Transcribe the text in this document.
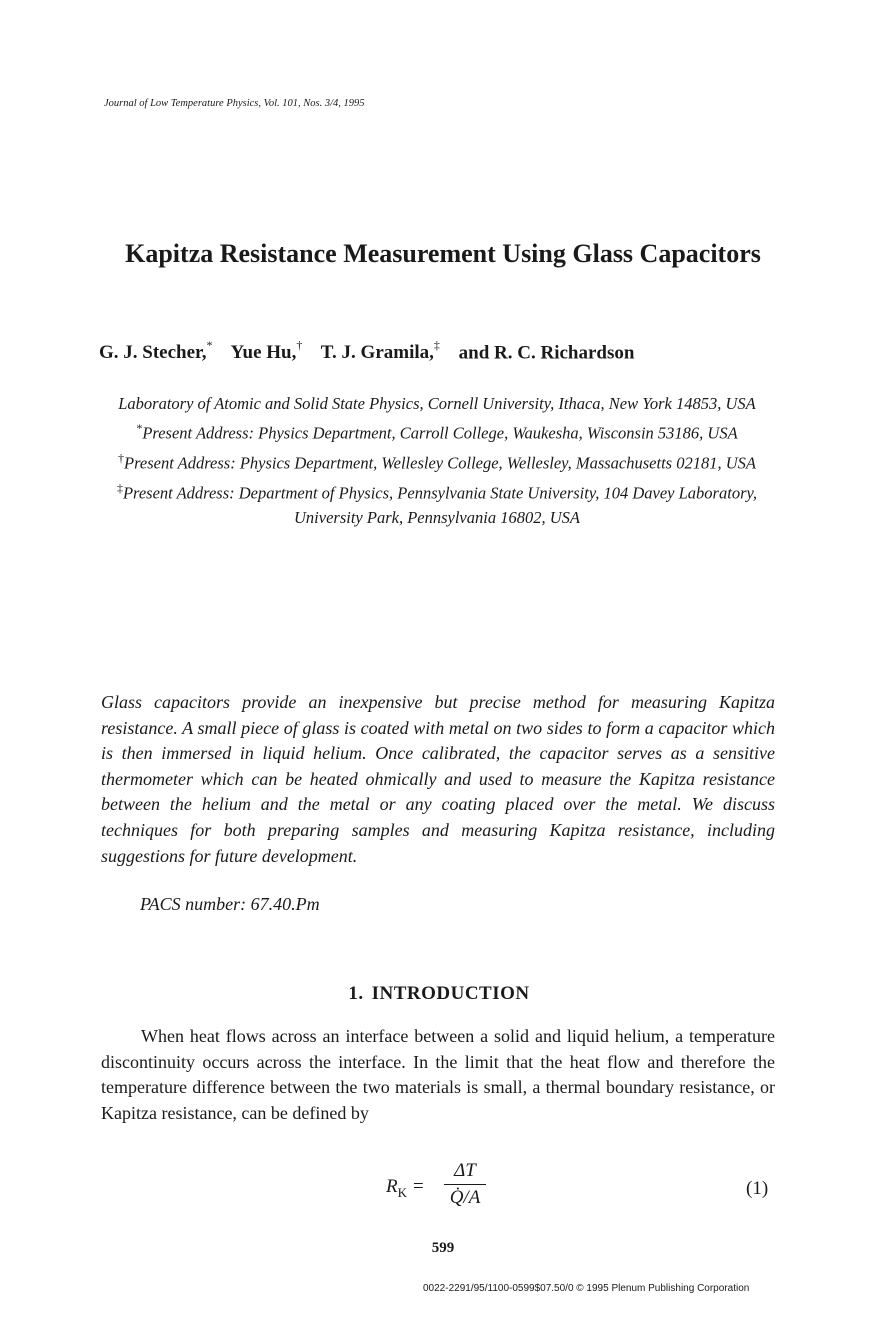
Journal of Low Temperature Physics, Vol. 101, Nos. 3/4, 1995
Kapitza Resistance Measurement Using Glass Capacitors
G. J. Stecher,* Yue Hu,† T. J. Gramila,‡ and R. C. Richardson
Laboratory of Atomic and Solid State Physics, Cornell University, Ithaca, New York 14853, USA
*Present Address: Physics Department, Carroll College, Waukesha, Wisconsin 53186, USA
†Present Address: Physics Department, Wellesley College, Wellesley, Massachusetts 02181, USA
‡Present Address: Department of Physics, Pennsylvania State University, 104 Davey Laboratory, University Park, Pennsylvania 16802, USA
Glass capacitors provide an inexpensive but precise method for measuring Kapitza resistance. A small piece of glass is coated with metal on two sides to form a capacitor which is then immersed in liquid helium. Once calibrated, the capacitor serves as a sensitive thermometer which can be heated ohmically and used to measure the Kapitza resistance between the helium and the metal or any coating placed over the metal. We discuss techniques for both preparing samples and measuring Kapitza resistance, including suggestions for future development.
PACS number: 67.40.Pm
1. INTRODUCTION
When heat flows across an interface between a solid and liquid helium, a temperature discontinuity occurs across the interface. In the limit that the heat flow and therefore the temperature difference between the two materials is small, a thermal boundary resistance, or Kapitza resistance, can be defined by
$R_K = \frac{\Delta T}{Q̇/A}$	(1)
599
0022-2291/95/1100-0599$07.50/0 © 1995 Plenum Publishing Corporation
